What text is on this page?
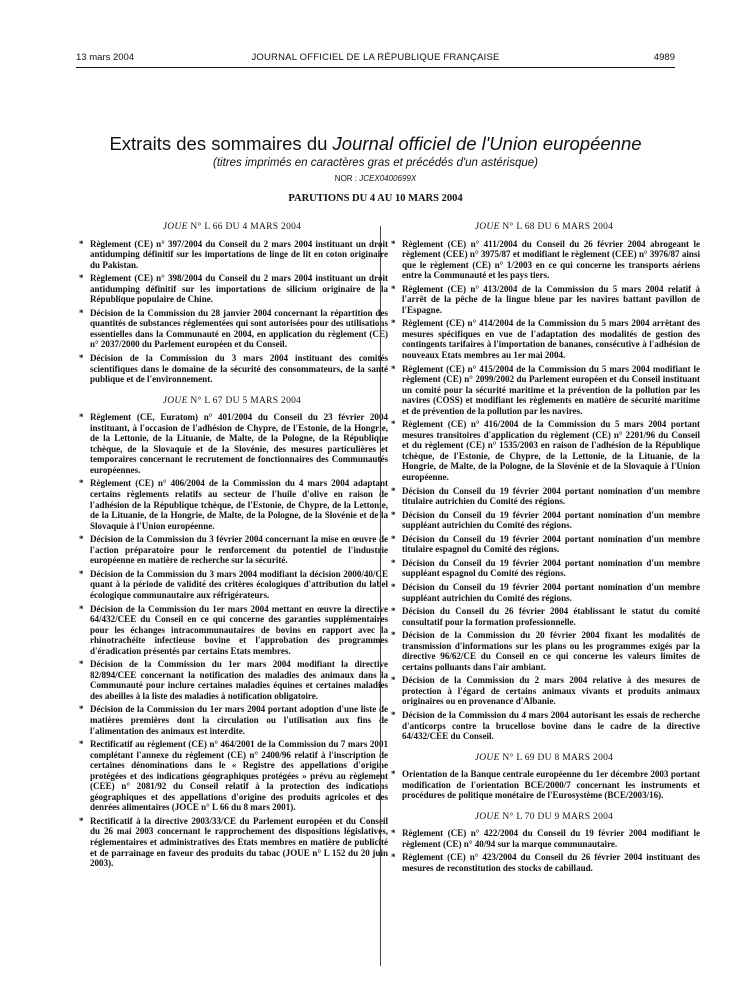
13 mars 2004	JOURNAL OFFICIEL DE LA RÉPUBLIQUE FRANÇAISE	4989
Extraits des sommaires du Journal officiel de l'Union européenne
(titres imprimés en caractères gras et précédés d'un astérisque)
NOR : JCEX0400699X
PARUTIONS DU 4 AU 10 MARS 2004
JOUE N° L 66 DU 4 MARS 2004
* Règlement (CE) n° 397/2004 du Conseil du 2 mars 2004 instituant un droit antidumping définitif sur les importations de linge de lit en coton originaire du Pakistan.
* Règlement (CE) n° 398/2004 du Conseil du 2 mars 2004 instituant un droit antidumping définitif sur les importations de silicium originaire de la République populaire de Chine.
* Décision de la Commission du 28 janvier 2004 concernant la répartition des quantités de substances réglementées qui sont autorisées pour des utilisations essentielles dans la Communauté en 2004, en application du règlement (CE) n° 2037/2000 du Parlement européen et du Conseil.
* Décision de la Commission du 3 mars 2004 instituant des comités scientifiques dans le domaine de la sécurité des consommateurs, de la santé publique et de l'environnement.
JOUE N° L 67 DU 5 MARS 2004
* Règlement (CE, Euratom) n° 401/2004 du Conseil du 23 février 2004 instituant, à l'occasion de l'adhésion de Chypre, de l'Estonie, de la Hongrie, de la Lettonie, de la Lituanie, de Malte, de la Pologne, de la République tchèque, de la Slovaquie et de la Slovénie, des mesures particulières et temporaires concernant le recrutement de fonctionnaires des Communautés européennes.
* Règlement (CE) n° 406/2004 de la Commission du 4 mars 2004 adaptant certains règlements relatifs au secteur de l'huile d'olive en raison de l'adhésion de la République tchèque, de l'Estonie, de Chypre, de la Lettonie, de la Lituanie, de la Hongrie, de Malte, de la Pologne, de la Slovénie et de la Slovaquie à l'Union européenne.
* Décision de la Commission du 3 février 2004 concernant la mise en œuvre de l'action préparatoire pour le renforcement du potentiel de l'industrie européenne en matière de recherche sur la sécurité.
* Décision de la Commission du 3 mars 2004 modifiant la décision 2000/40/CE quant à la période de validité des critères écologiques d'attribution du label écologique communautaire aux réfrigérateurs.
* Décision de la Commission du 1er mars 2004 mettant en œuvre la directive 64/432/CEE du Conseil en ce qui concerne des garanties supplémentaires pour les échanges intracommunautaires de bovins en rapport avec la rhinotrachéite infectieuse bovine et l'approbation des programmes d'éradication présentés par certains Etats membres.
* Décision de la Commission du 1er mars 2004 modifiant la directive 82/894/CEE concernant la notification des maladies des animaux dans la Communauté pour inclure certaines maladies équines et certaines maladies des abeilles à la liste des maladies à notification obligatoire.
* Décision de la Commission du 1er mars 2004 portant adoption d'une liste de matières premières dont la circulation ou l'utilisation aux fins de l'alimentation des animaux est interdite.
* Rectificatif au règlement (CE) n° 464/2001 de la Commission du 7 mars 2001 complétant l'annexe du règlement (CE) n° 2400/96 relatif à l'inscription de certaines dénominations dans le « Registre des appellations d'origine protégées et des indications géographiques protégées » prévu au règlement (CEE) n° 2081/92 du Conseil relatif à la protection des indications géographiques et des appellations d'origine des produits agricoles et des denrées alimentaires (JOCE n° L 66 du 8 mars 2001).
* Rectificatif à la directive 2003/33/CE du Parlement européen et du Conseil du 26 mai 2003 concernant le rapprochement des dispositions législatives, réglementaires et administratives des Etats membres en matière de publicité et de parrainage en faveur des produits du tabac (JOUE n° L 152 du 20 juin 2003).
JOUE N° L 68 DU 6 MARS 2004
* Règlement (CE) n° 411/2004 du Conseil du 26 février 2004 abrogeant le règlement (CEE) n° 3975/87 et modifiant le règlement (CEE) n° 3976/87 ainsi que le règlement (CE) n° 1/2003 en ce qui concerne les transports aériens entre la Communauté et les pays tiers.
* Règlement (CE) n° 413/2004 de la Commission du 5 mars 2004 relatif à l'arrêt de la pêche de la lingue bleue par les navires battant pavillon de l'Espagne.
* Règlement (CE) n° 414/2004 de la Commission du 5 mars 2004 arrêtant des mesures spécifiques en vue de l'adaptation des modalités de gestion des contingents tarifaires à l'importation de bananes, consécutive à l'adhésion de nouveaux Etats membres au 1er mai 2004.
* Règlement (CE) n° 415/2004 de la Commission du 5 mars 2004 modifiant le règlement (CE) n° 2099/2002 du Parlement européen et du Conseil instituant un comité pour la sécurité maritime et la prévention de la pollution par les navires (COSS) et modifiant les règlements en matière de sécurité maritime et de prévention de la pollution par les navires.
* Règlement (CE) n° 416/2004 de la Commission du 5 mars 2004 portant mesures transitoires d'application du règlement (CE) n° 2201/96 du Conseil et du règlement (CE) n° 1535/2003 en raison de l'adhésion de la République tchèque, de l'Estonie, de Chypre, de la Lettonie, de la Lituanie, de la Hongrie, de Malte, de la Pologne, de la Slovénie et de la Slovaquie à l'Union européenne.
* Décision du Conseil du 19 février 2004 portant nomination d'un membre titulaire autrichien du Comité des régions.
* Décision du Conseil du 19 février 2004 portant nomination d'un membre suppléant autrichien du Comité des régions.
* Décision du Conseil du 19 février 2004 portant nomination d'un membre titulaire espagnol du Comité des régions.
* Décision du Conseil du 19 février 2004 portant nomination d'un membre suppléant espagnol du Comité des régions.
* Décision du Conseil du 19 février 2004 portant nomination d'un membre suppléant autrichien du Comité des régions.
* Décision du Conseil du 26 février 2004 établissant le statut du comité consultatif pour la formation professionnelle.
* Décision de la Commission du 20 février 2004 fixant les modalités de transmission d'informations sur les plans ou les programmes exigés par la directive 96/62/CE du Conseil en ce qui concerne les valeurs limites de certains polluants dans l'air ambiant.
* Décision de la Commission du 2 mars 2004 relative à des mesures de protection à l'égard de certains animaux vivants et produits animaux originaires ou en provenance d'Albanie.
* Décision de la Commission du 4 mars 2004 autorisant les essais de recherche d'anticorps contre la brucellose bovine dans le cadre de la directive 64/432/CEE du Conseil.
JOUE N° L 69 DU 8 MARS 2004
* Orientation de la Banque centrale européenne du 1er décembre 2003 portant modification de l'orientation BCE/2000/7 concernant les instruments et procédures de politique monétaire de l'Eurosystème (BCE/2003/16).
JOUE N° L 70 DU 9 MARS 2004
* Règlement (CE) n° 422/2004 du Conseil du 19 février 2004 modifiant le règlement (CE) n° 40/94 sur la marque communautaire.
* Règlement (CE) n° 423/2004 du Conseil du 26 février 2004 instituant des mesures de reconstitution des stocks de cabillaud.
